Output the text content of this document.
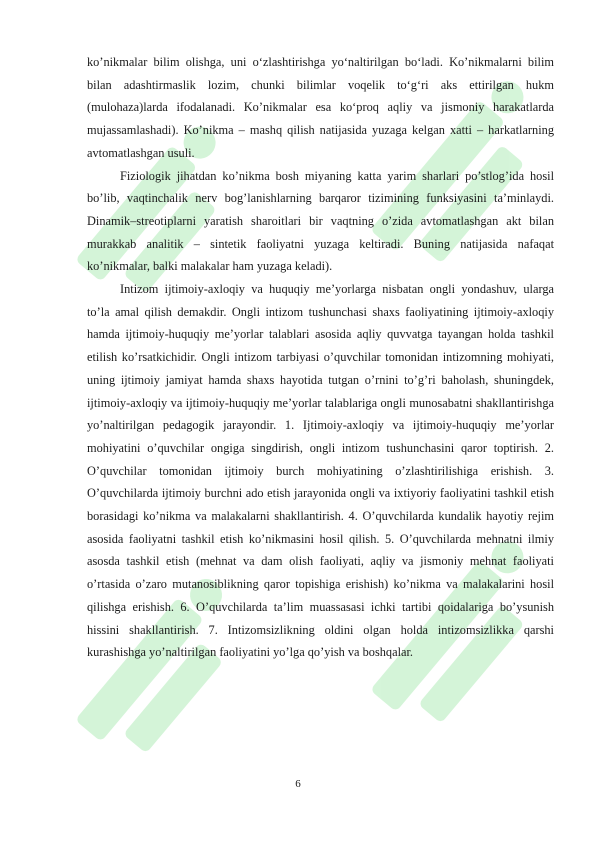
ko’nikmalar bilim olishga, uni o‘zlashtirishga yo‘naltirilgan bo‘ladi. Ko’nikmalarni bilim bilan adashtirmaslik lozim, chunki bilimlar voqelik to‘g‘ri aks ettirilgan hukm (mulohaza)larda ifodalanadi. Ko’nikmalar esa ko‘proq aqliy va jismoniy harakatlarda mujassamlashadi). Ko’nikma – mashq qilish natijasida yuzaga kelgan xatti – harkatlarning avtomatlashgan usuli.

Fiziologik jihatdan ko’nikma bosh miyaning katta yarim sharlari po’stlog’ida hosil bo’lib, vaqtinchalik nerv bog’lanishlarning barqaror tizimining funksiyasini ta’minlaydi. Dinamik–streotiplarni yaratish sharoitlari bir vaqtning o’zida avtomatlashgan akt bilan murakkab analitik – sintetik faoliyatni yuzaga keltiradi. Buning natijasida nafaqat ko’nikmalar, balki malakalar ham yuzaga keladi).

Intizom ijtimoiy-axloqiy va huquqiy me’yorlarga nisbatan ongli yondashuv, ularga to’la amal qilish demakdir. Ongli intizom tushunchasi shaxs faoliyatining ijtimoiy-axloqiy hamda ijtimoiy-huquqiy me’yorlar talablari asosida aqliy quvvatga tayangan holda tashkil etilish ko’rsatkichidir. Ongli intizom tarbiyasi o’quvchilar tomonidan intizomning mohiyati, uning ijtimoiy jamiyat hamda shaxs hayotida tutgan o’rnini to’g’ri baholash, shuningdek, ijtimoiy-axloqiy va ijtimoiy-huquqiy me’yorlar talablariga ongli munosabatni shakllantirishga yo’naltirilgan pedagogik jarayondir. 1. Ijtimoiy-axloqiy va ijtimoiy-huquqiy me’yorlar mohiyatini o’quvchilar ongiga singdirish, ongli intizom tushunchasini qaror toptirish. 2. O’quvchilar tomonidan ijtimoiy burch mohiyatining o’zlashtirilishiga erishish. 3. O’quvchilarda ijtimoiy burchni ado etish jarayonida ongli va ixtiyoriy faoliyatini tashkil etish borasidagi ko’nikma va malakalarni shakllantirish. 4. O’quvchilarda kundalik hayotiy rejim asosida faoliyatni tashkil etish ko’nikmasini hosil qilish. 5. O’quvchilarda mehnatni ilmiy asosda tashkil etish (mehnat va dam olish faoliyati, aqliy va jismoniy mehnat faoliyati o’rtasida o’zaro mutanosiblikning qaror topishiga erishish) ko’nikma va malakalarini hosil qilishga erishish. 6. O’quvchilarda ta’lim muassasasi ichki tartibi qoidalariga bo’ysunish hissini shakllantirish. 7. Intizomsizlikning oldini olgan holda intizomsizlikka qarshi kurashishga yo’naltirilgan faoliyatini yo’lga qo’yish va boshqalar.

6
